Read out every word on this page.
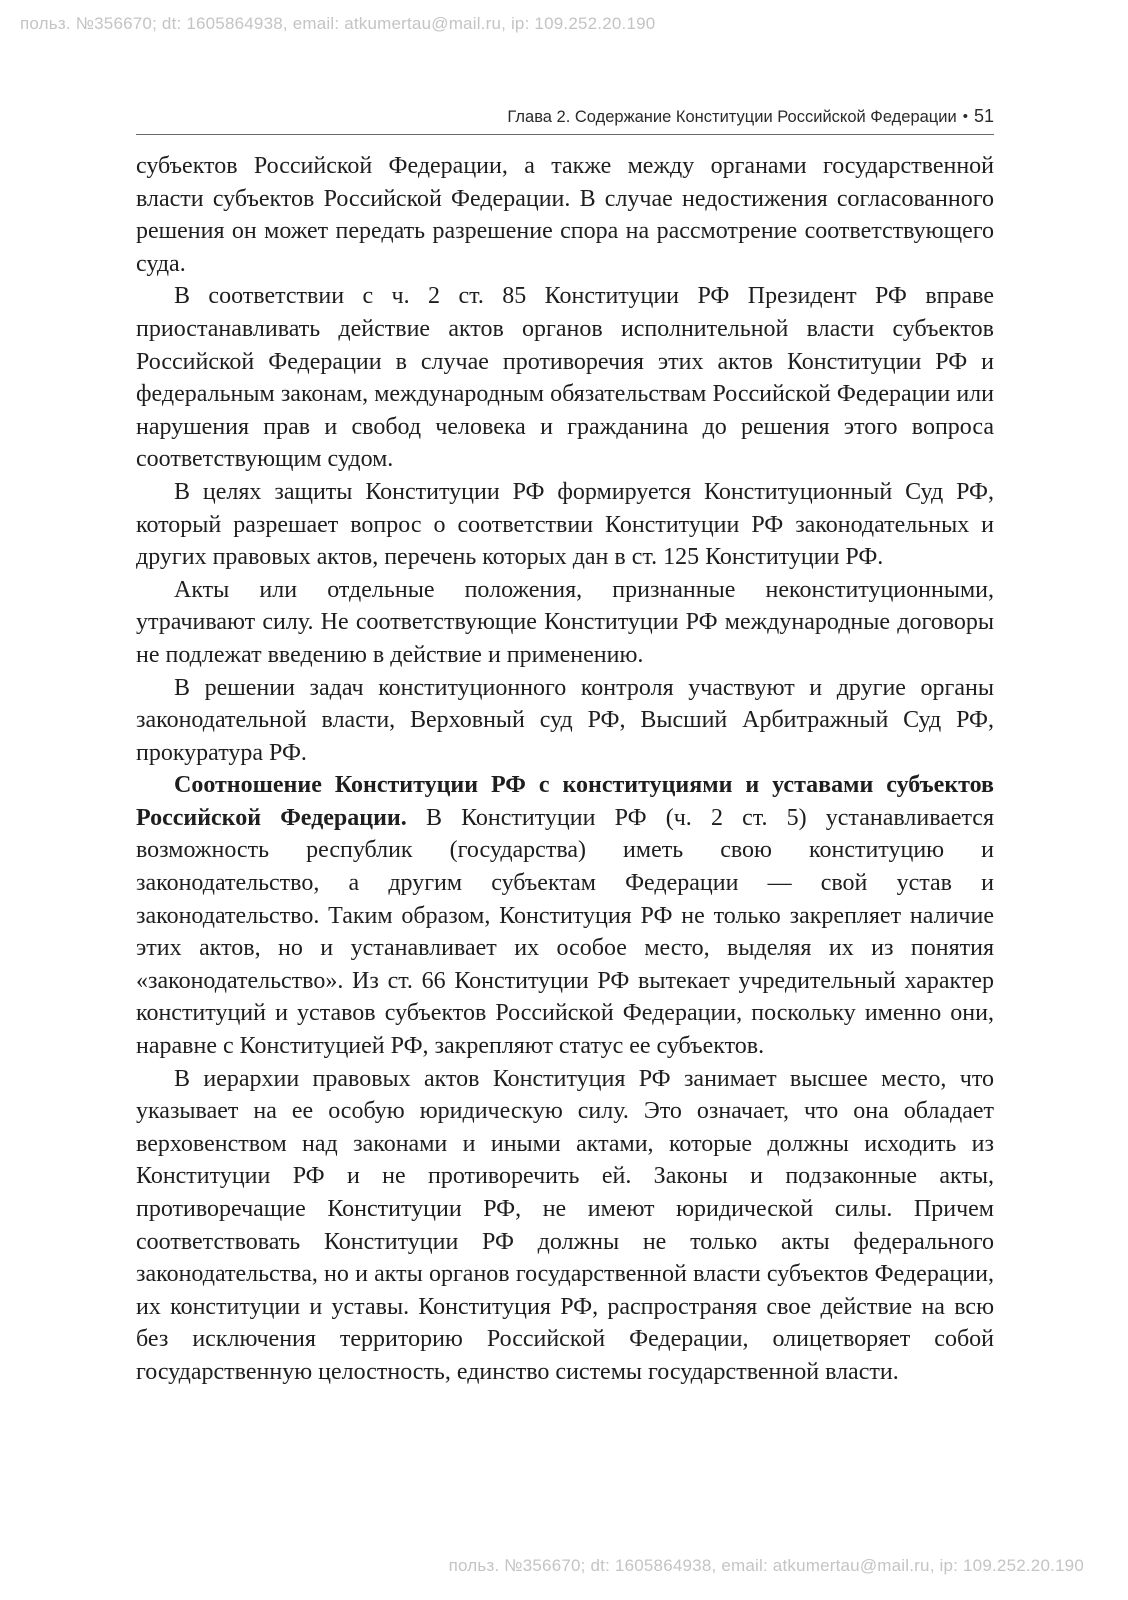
польз. №356670; dt: 1605864938, email: atkumertau@mail.ru, ip: 109.252.20.190
Глава 2. Содержание Конституции Российской Федерации • 51

субъектов Российской Федерации, а также между органами государственной власти субъектов Российской Федерации. В случае недостижения согласованного решения он может передать разрешение спора на рассмотрение соответствующего суда.

В соответствии с ч. 2 ст. 85 Конституции РФ Президент РФ вправе приостанавливать действие актов органов исполнительной власти субъектов Российской Федерации в случае противоречия этих актов Конституции РФ и федеральным законам, международным обязательствам Российской Федерации или нарушения прав и свобод человека и гражданина до решения этого вопроса соответствующим судом.

В целях защиты Конституции РФ формируется Конституционный Суд РФ, который разрешает вопрос о соответствии Конституции РФ законодательных и других правовых актов, перечень которых дан в ст. 125 Конституции РФ.

Акты или отдельные положения, признанные неконституционными, утрачивают силу. Не соответствующие Конституции РФ международные договоры не подлежат введению в действие и применению.

В решении задач конституционного контроля участвуют и другие органы законодательной власти, Верховный суд РФ, Высший Арбитражный Суд РФ, прокуратура РФ.

Соотношение Конституции РФ с конституциями и уставами субъектов Российской Федерации. В Конституции РФ (ч. 2 ст. 5) устанавливается возможность республик (государства) иметь свою конституцию и законодательство, а другим субъектам Федерации — свой устав и законодательство. Таким образом, Конституция РФ не только закрепляет наличие этих актов, но и устанавливает их особое место, выделяя их из понятия «законодательство». Из ст. 66 Конституции РФ вытекает учредительный характер конституций и уставов субъектов Российской Федерации, поскольку именно они, наравне с Конституцией РФ, закрепляют статус ее субъектов.

В иерархии правовых актов Конституция РФ занимает высшее место, что указывает на ее особую юридическую силу. Это означает, что она обладает верховенством над законами и иными актами, которые должны исходить из Конституции РФ и не противоречить ей. Законы и подзаконные акты, противоречащие Конституции РФ, не имеют юридической силы. Причем соответствовать Конституции РФ должны не только акты федерального законодательства, но и акты органов государственной власти субъектов Федерации, их конституции и уставы. Конституция РФ, распространяя свое действие на всю без исключения территорию Российской Федерации, олицетворяет собой государственную целостность, единство системы государственной власти.

польз. №356670; dt: 1605864938, email: atkumertau@mail.ru, ip: 109.252.20.190
